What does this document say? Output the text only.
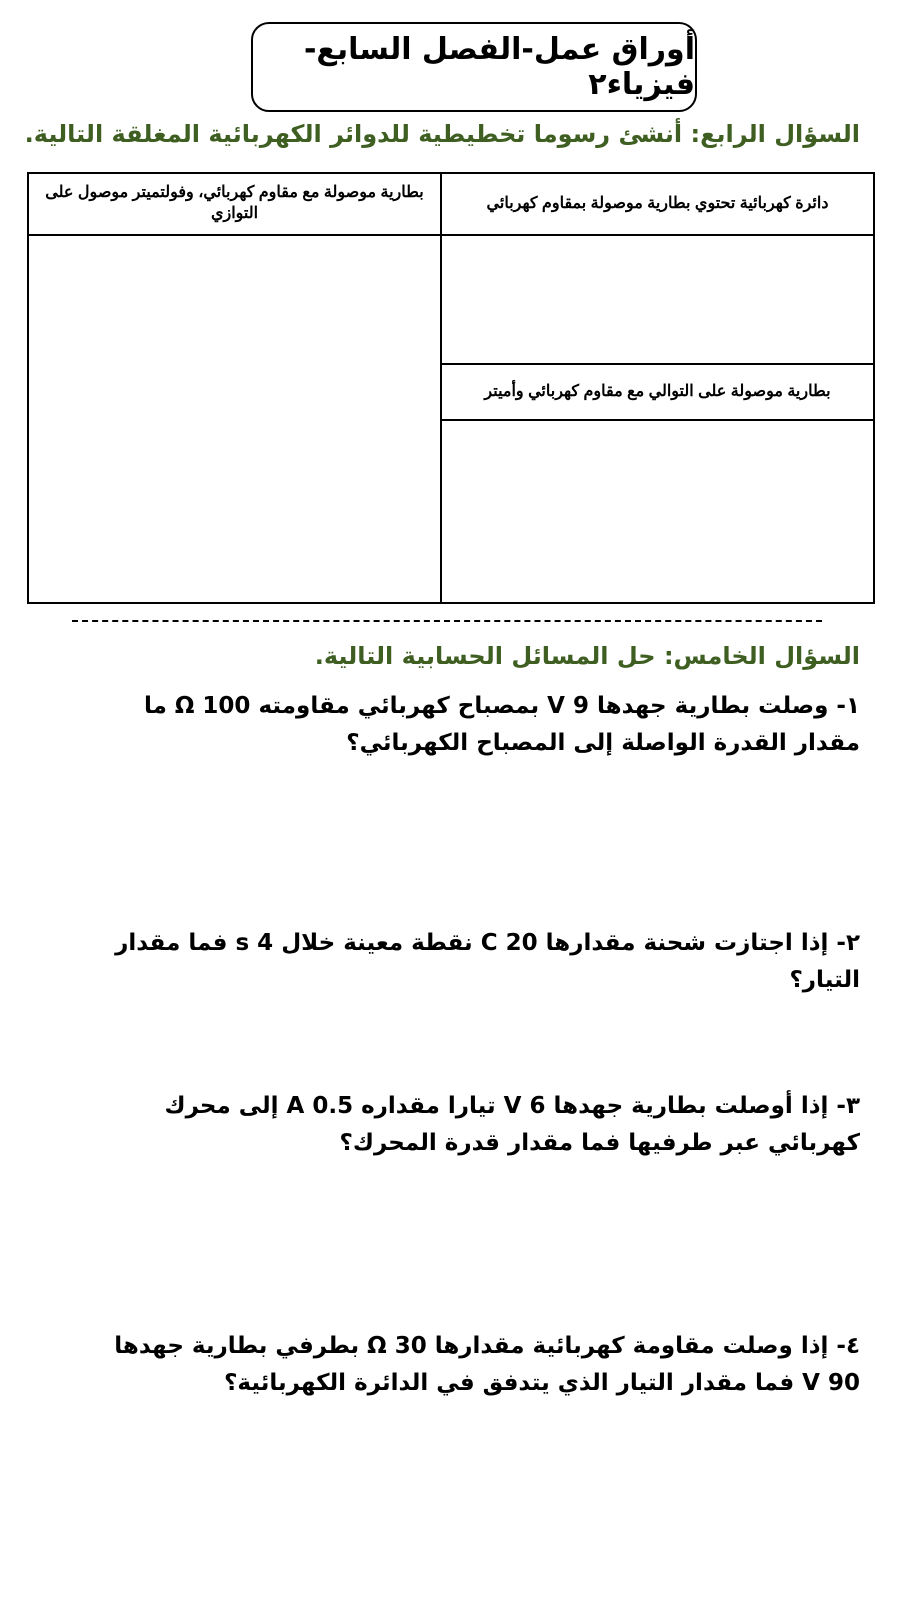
أوراق عمل-الفصل السابع-فيزياء٢
السؤال الرابع: أنشئ رسوما تخطيطية للدوائر الكهربائية المغلقة التالية.
دائرة كهربائية تحتوي بطارية موصولة بمقاوم كهربائي	بطارية موصولة مع مقاوم كهربائي، وفولتميتر موصول على التوازي

بطارية موصولة على التوالي مع مقاوم كهربائي وأميتر	

السؤال الخامس: حل المسائل الحسابية التالية.
١- وصلت بطارية جهدها 9 V بمصباح كهربائي مقاومته 100 Ω ما مقدار القدرة الواصلة إلى المصباح الكهربائي؟
٢- إذا اجتازت شحنة مقدارها 20 C نقطة معينة خلال 4 s فما مقدار التيار؟
٣- إذا أوصلت بطارية جهدها 6 V تيارا مقداره 0.5 A إلى محرك كهربائي عبر طرفيها فما مقدار قدرة المحرك؟
٤- إذا وصلت مقاومة كهربائية مقدارها 30 Ω بطرفي بطارية جهدها 90 V فما مقدار التيار الذي يتدفق في الدائرة الكهربائية؟
